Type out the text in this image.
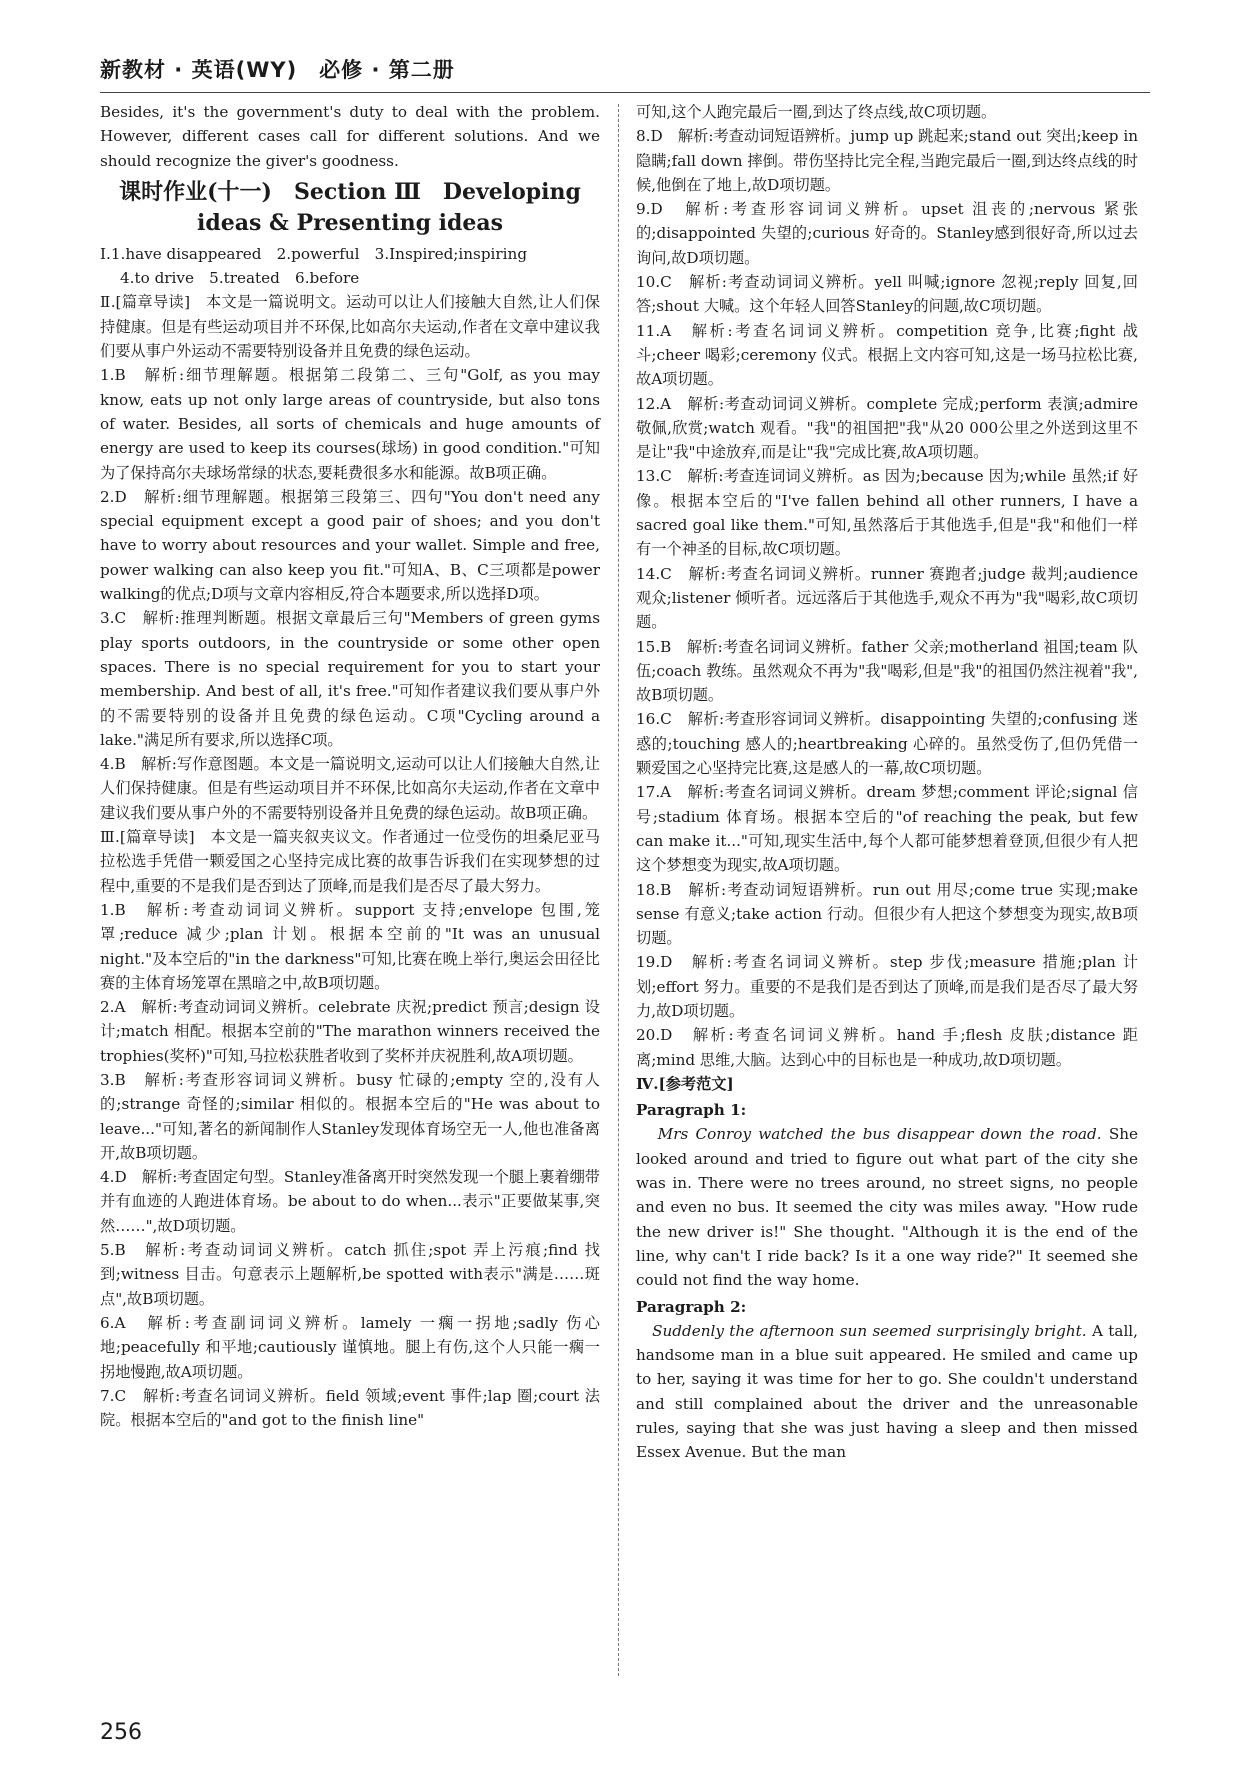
新教材 · 英语(WY)　必修 · 第二册

Besides, it's the government's duty to deal with the problem. However, different cases call for different solutions. And we should recognize the giver's goodness.

课时作业(十一)　Section Ⅲ　Developing
ideas & Presenting ideas

Ⅰ.1.have disappeared　2.powerful　3.Inspired;inspiring

4.to drive　5.treated　6.before

Ⅱ.[篇章导读]　本文是一篇说明文。运动可以让人们接触大自然,让人们保持健康。但是有些运动项目并不环保,比如高尔夫运动,作者在文章中建议我们要从事户外运动不需要特别设备并且免费的绿色运动。

1.B　解析:细节理解题。根据第二段第二、三句"Golf, as you may know, eats up not only large areas of countryside, but also tons of water. Besides, all sorts of chemicals and huge amounts of energy are used to keep its courses(球场) in good condition."可知为了保持高尔夫球场常绿的状态,要耗费很多水和能源。故B项正确。

2.D　解析:细节理解题。根据第三段第三、四句"You don't need any special equipment except a good pair of shoes; and you don't have to worry about resources and your wallet. Simple and free, power walking can also keep you fit."可知A、B、C三项都是power walking的优点;D项与文章内容相反,符合本题要求,所以选择D项。

3.C　解析:推理判断题。根据文章最后三句"Members of green gyms play sports outdoors, in the countryside or some other open spaces. There is no special requirement for you to start your membership. And best of all, it's free."可知作者建议我们要从事户外的不需要特别的设备并且免费的绿色运动。C项"Cycling around a lake."满足所有要求,所以选择C项。

4.B　解析:写作意图题。本文是一篇说明文,运动可以让人们接触大自然,让人们保持健康。但是有些运动项目并不环保,比如高尔夫运动,作者在文章中建议我们要从事户外的不需要特别设备并且免费的绿色运动。故B项正确。

Ⅲ.[篇章导读]　本文是一篇夹叙夹议文。作者通过一位受伤的坦桑尼亚马拉松选手凭借一颗爱国之心坚持完成比赛的故事告诉我们在实现梦想的过程中,重要的不是我们是否到达了顶峰,而是我们是否尽了最大努力。

1.B　解析:考查动词词义辨析。support 支持;envelope 包围,笼罩;reduce 减少;plan 计划。根据本空前的"It was an unusual night."及本空后的"in the darkness"可知,比赛在晚上举行,奥运会田径比赛的主体育场笼罩在黑暗之中,故B项切题。

2.A　解析:考查动词词义辨析。celebrate 庆祝;predict 预言;design 设计;match 相配。根据本空前的"The marathon winners received the trophies(奖杯)"可知,马拉松获胜者收到了奖杯并庆祝胜利,故A项切题。

3.B　解析:考查形容词词义辨析。busy 忙碌的;empty 空的,没有人的;strange 奇怪的;similar 相似的。根据本空后的"He was about to leave..."可知,著名的新闻制作人Stanley发现体育场空无一人,他也准备离开,故B项切题。

4.D　解析:考查固定句型。Stanley准备离开时突然发现一个腿上裹着绷带并有血迹的人跑进体育场。be about to do when...表示"正要做某事,突然……",故D项切题。

5.B　解析:考查动词词义辨析。catch 抓住;spot 弄上污痕;find 找到;witness 目击。句意表示上题解析,be spotted with表示"满是……斑点",故B项切题。

6.A　解析:考查副词词义辨析。lamely 一瘸一拐地;sadly 伤心地;peacefully 和平地;cautiously 谨慎地。腿上有伤,这个人只能一瘸一拐地慢跑,故A项切题。

7.C　解析:考查名词词义辨析。field 领域;event 事件;lap 圈;court 法院。根据本空后的"and got to the finish line"

可知,这个人跑完最后一圈,到达了终点线,故C项切题。

8.D　解析:考查动词短语辨析。jump up 跳起来;stand out 突出;keep in 隐瞒;fall down 摔倒。带伤坚持比完全程,当跑完最后一圈,到达终点线的时候,他倒在了地上,故D项切题。

9.D　解析:考查形容词词义辨析。upset 沮丧的;nervous 紧张的;disappointed 失望的;curious 好奇的。Stanley感到很好奇,所以过去询问,故D项切题。

10.C　解析:考查动词词义辨析。yell 叫喊;ignore 忽视;reply 回复,回答;shout 大喊。这个年轻人回答Stanley的问题,故C项切题。

11.A　解析:考查名词词义辨析。competition 竞争,比赛;fight 战斗;cheer 喝彩;ceremony 仪式。根据上文内容可知,这是一场马拉松比赛,故A项切题。

12.A　解析:考查动词词义辨析。complete 完成;perform 表演;admire 敬佩,欣赏;watch 观看。"我"的祖国把"我"从20 000公里之外送到这里不是让"我"中途放弃,而是让"我"完成比赛,故A项切题。

13.C　解析:考查连词词义辨析。as 因为;because 因为;while 虽然;if 好像。根据本空后的"I've fallen behind all other runners, I have a sacred goal like them."可知,虽然落后于其他选手,但是"我"和他们一样有一个神圣的目标,故C项切题。

14.C　解析:考查名词词义辨析。runner 赛跑者;judge 裁判;audience 观众;listener 倾听者。远远落后于其他选手,观众不再为"我"喝彩,故C项切题。

15.B　解析:考查名词词义辨析。father 父亲;motherland 祖国;team 队伍;coach 教练。虽然观众不再为"我"喝彩,但是"我"的祖国仍然注视着"我",故B项切题。

16.C　解析:考查形容词词义辨析。disappointing 失望的;confusing 迷惑的;touching 感人的;heartbreaking 心碎的。虽然受伤了,但仍凭借一颗爱国之心坚持完比赛,这是感人的一幕,故C项切题。

17.A　解析:考查名词词义辨析。dream 梦想;comment 评论;signal 信号;stadium 体育场。根据本空后的"of reaching the peak, but few can make it..."可知,现实生活中,每个人都可能梦想着登顶,但很少有人把这个梦想变为现实,故A项切题。

18.B　解析:考查动词短语辨析。run out 用尽;come true 实现;make sense 有意义;take action 行动。但很少有人把这个梦想变为现实,故B项切题。

19.D　解析:考查名词词义辨析。step 步伐;measure 措施;plan 计划;effort 努力。重要的不是我们是否到达了顶峰,而是我们是否尽了最大努力,故D项切题。

20.D　解析:考查名词词义辨析。hand 手;flesh 皮肤;distance 距离;mind 思维,大脑。达到心中的目标也是一种成功,故D项切题。

Ⅳ.[参考范文]

Paragraph 1:

Mrs Conroy watched the bus disappear down the road. She looked around and tried to figure out what part of the city she was in. There were no trees around, no street signs, no people and even no bus. It seemed the city was miles away. "How rude the new driver is!" She thought. "Although it is the end of the line, why can't I ride back? Is it a one way ride?" It seemed she could not find the way home.

Paragraph 2:

Suddenly the afternoon sun seemed surprisingly bright. A tall, handsome man in a blue suit appeared. He smiled and came up to her, saying it was time for her to go. She couldn't understand and still complained about the driver and the unreasonable rules, saying that she was just having a sleep and then missed Essex Avenue. But the man

256
